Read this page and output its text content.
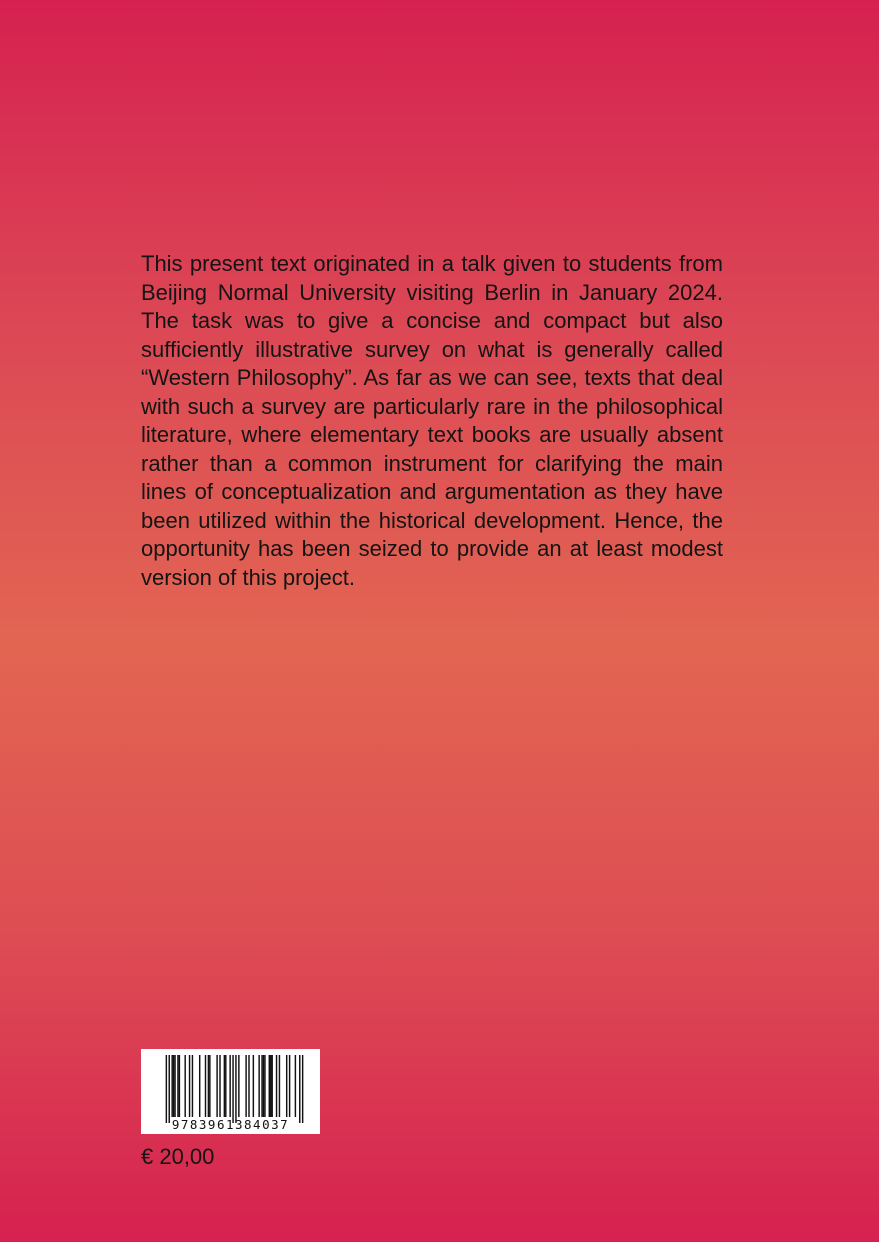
This present text originated in a talk given to students from Beijing Normal University visiting Berlin in January 2024. The task was to give a concise and compact but also sufficiently illustrative survey on what is generally called “Western Philosophy”. As far as we can see, texts that deal with such a survey are particularly rare in the philosophical literature, where elementary text books are usually absent rather than a common instrument for clarifying the main lines of conceptualization and argumentation as they have been utilized within the historical development. Hence, the opportunity has been seized to provide an at least modest version of this project.

9783961384037

€ 20,00
